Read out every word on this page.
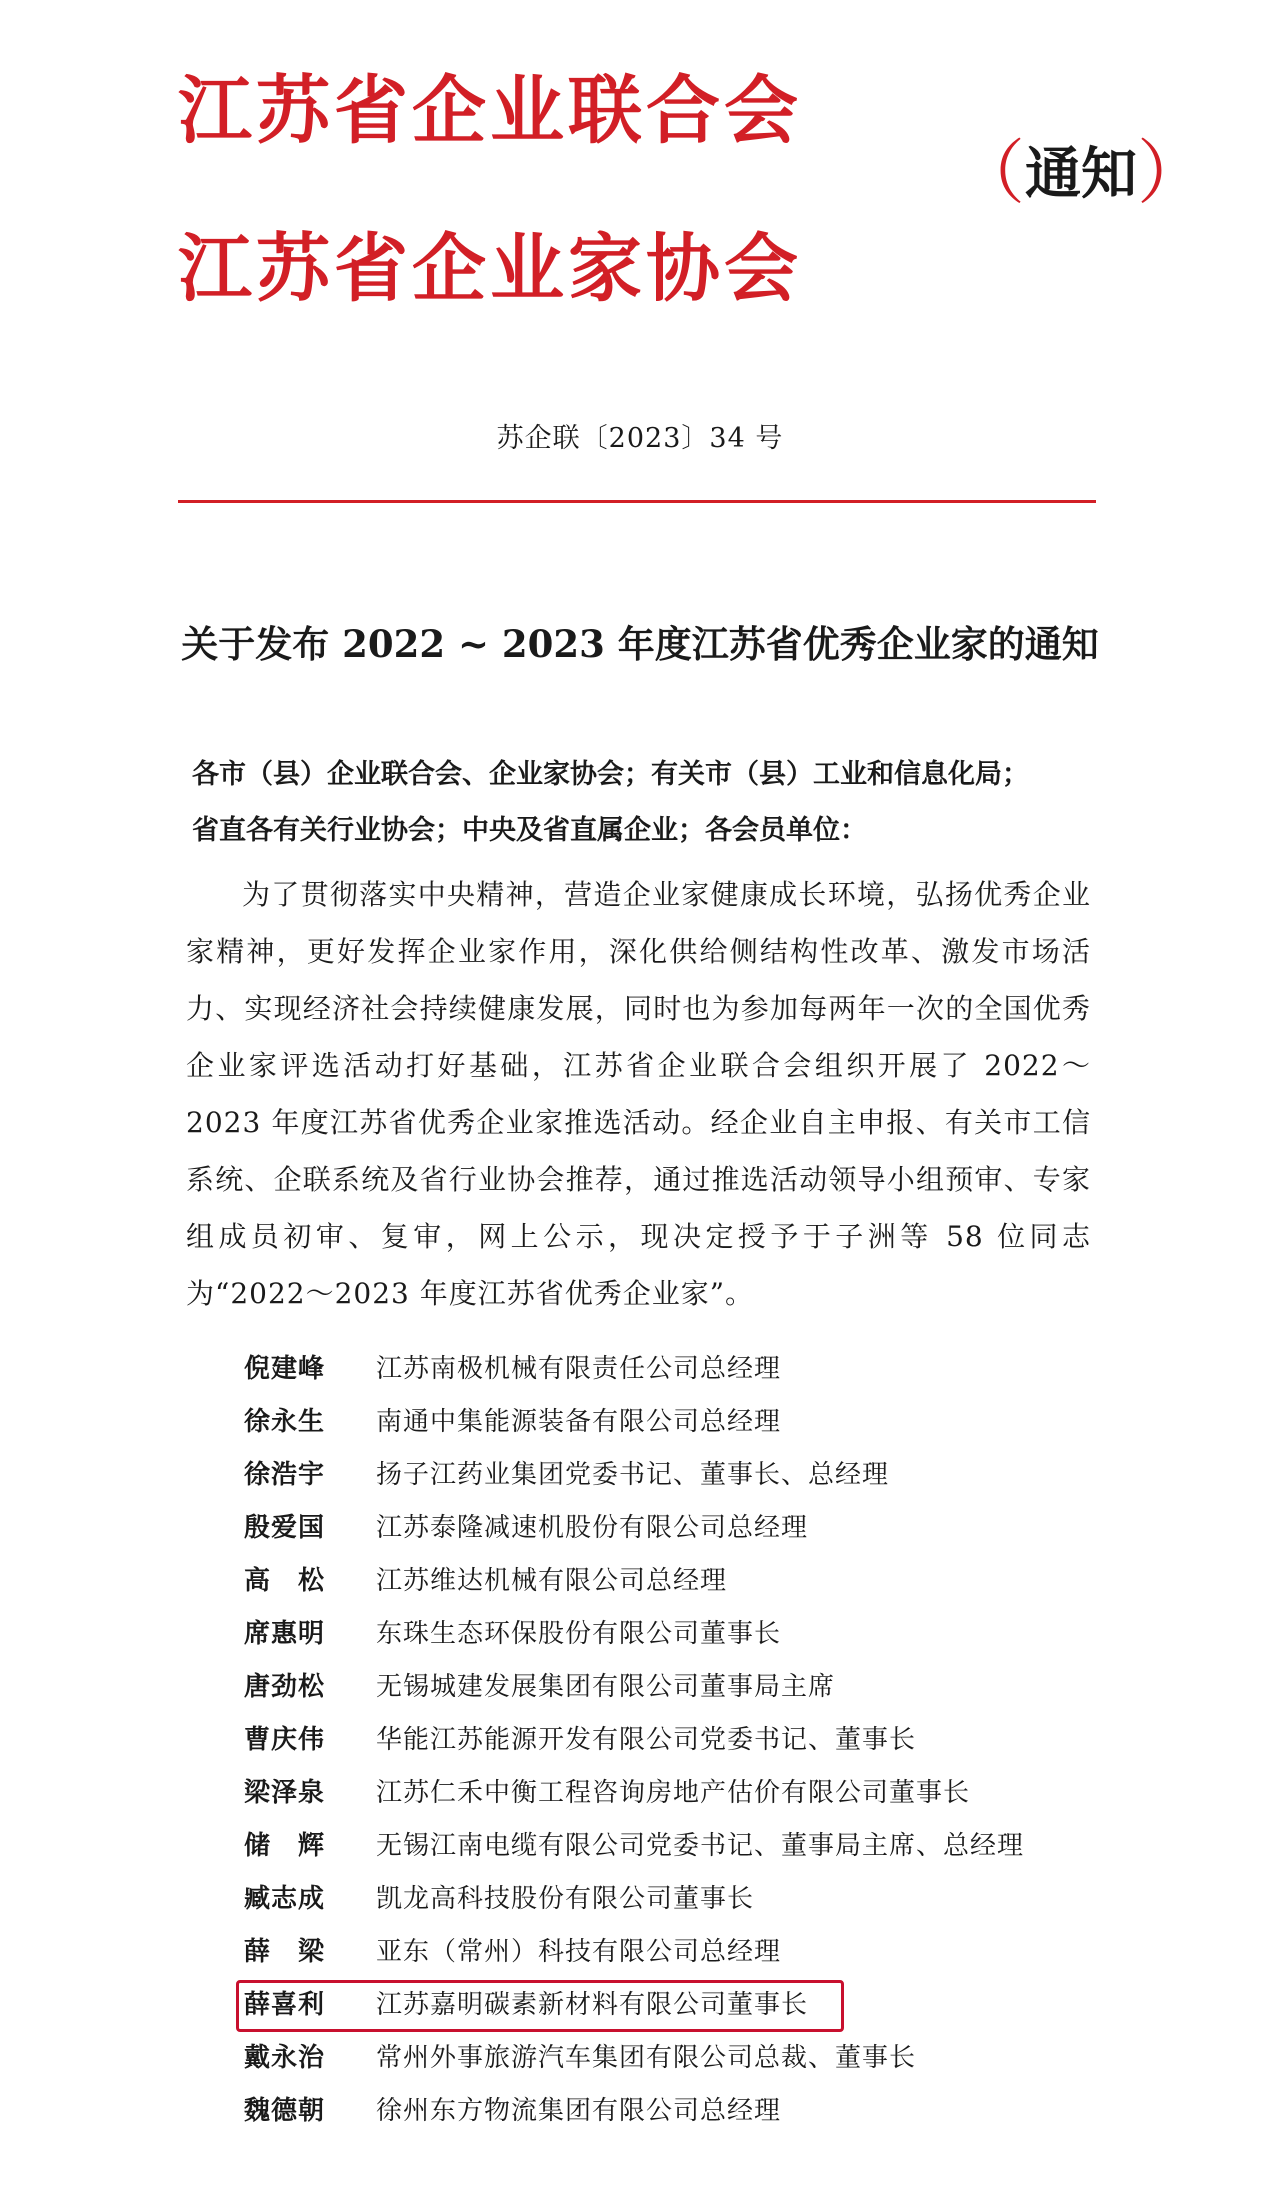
江苏省企业联合会
江苏省企业家协会
（通知）
苏企联〔2023〕34 号
关于发布 2022 ~ 2023 年度江苏省优秀企业家的通知
各市（县）企业联合会、企业家协会；有关市（县）工业和信息化局；
省直各有关行业协会；中央及省直属企业；各会员单位：
为了贯彻落实中央精神，营造企业家健康成长环境，弘扬优秀企业家精神，更好发挥企业家作用，深化供给侧结构性改革、激发市场活力、实现经济社会持续健康发展，同时也为参加每两年一次的全国优秀企业家评选活动打好基础，江苏省企业联合会组织开展了 2022～2023 年度江苏省优秀企业家推选活动。经企业自主申报、有关市工信系统、企联系统及省行业协会推荐，通过推选活动领导小组预审、专家组成员初审、复审，网上公示，现决定授予于子洲等 58 位同志为“2022～2023 年度江苏省优秀企业家”。
倪建峰	江苏南极机械有限责任公司总经理
徐永生	南通中集能源装备有限公司总经理
徐浩宇	扬子江药业集团党委书记、董事长、总经理
殷爱国	江苏泰隆减速机股份有限公司总经理
高　松	江苏维达机械有限公司总经理
席惠明	东珠生态环保股份有限公司董事长
唐劲松	无锡城建发展集团有限公司董事局主席
曹庆伟	华能江苏能源开发有限公司党委书记、董事长
梁泽泉	江苏仁禾中衡工程咨询房地产估价有限公司董事长
储　辉	无锡江南电缆有限公司党委书记、董事局主席、总经理
臧志成	凯龙高科技股份有限公司董事长
薛　梁	亚东（常州）科技有限公司总经理
薛喜利	江苏嘉明碳素新材料有限公司董事长
戴永治	常州外事旅游汽车集团有限公司总裁、董事长
魏德朝	徐州东方物流集团有限公司总经理
